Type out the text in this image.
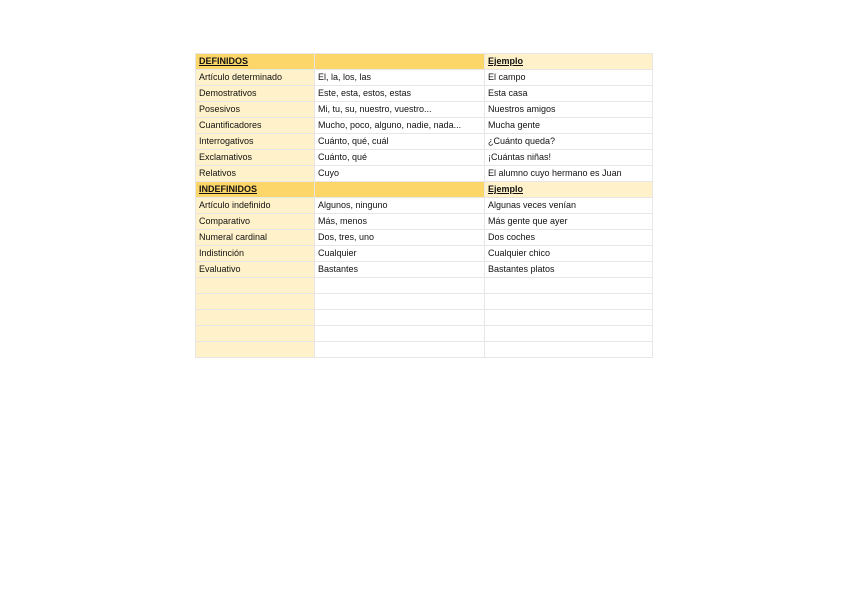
DEFINIDOS		Ejemplo
Artículo determinado	El, la, los, las	El campo
Demostrativos	Este, esta, estos, estas	Esta casa
Posesivos	Mi, tu, su, nuestro, vuestro...	Nuestros amigos
Cuantificadores	Mucho, poco, alguno, nadie, nada...	Mucha gente
Interrogativos	Cuánto, qué, cuál	¿Cuánto queda?
Exclamativos	Cuánto, qué	¡Cuántas niñas!
Relativos	Cuyo	El alumno cuyo hermano es Juan
INDEFINIDOS		Ejemplo
Artículo indefinido	Algunos, ninguno	Algunas veces venían
Comparativo	Más, menos	Más gente que ayer
Numeral cardinal	Dos, tres, uno	Dos coches
Indistinción	Cualquier	Cualquier chico
Evaluativo	Bastantes	Bastantes platos
